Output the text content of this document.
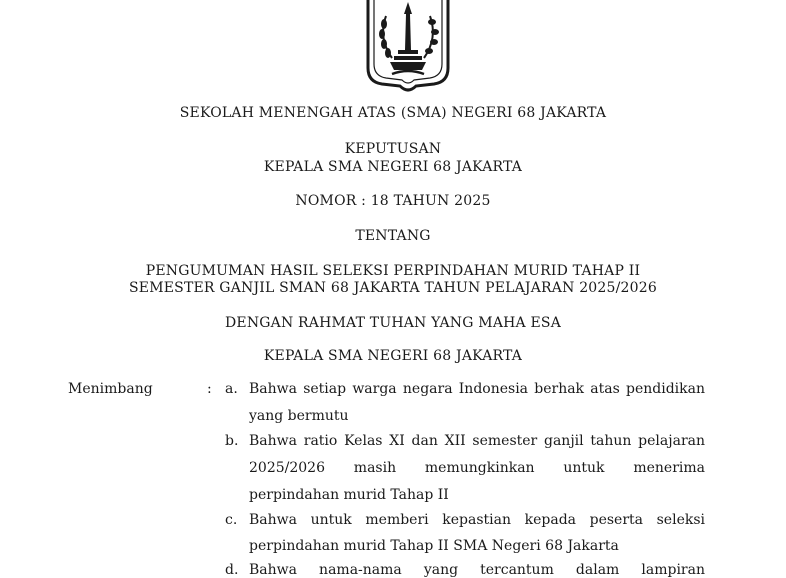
SEKOLAH MENENGAH ATAS (SMA) NEGERI 68 JAKARTA
KEPUTUSAN
KEPALA SMA NEGERI 68 JAKARTA
NOMOR : 18 TAHUN 2025
TENTANG
PENGUMUMAN HASIL SELEKSI PERPINDAHAN MURID TAHAP II
SEMESTER GANJIL SMAN 68 JAKARTA TAHUN PELAJARAN 2025/2026
DENGAN RAHMAT TUHAN YANG MAHA ESA
KEPALA SMA NEGERI 68 JAKARTA
Menimbang	: a. Bahwa setiap warga negara Indonesia berhak atas pendidikan
yang bermutu
b. Bahwa ratio Kelas XI dan XII semester ganjil tahun pelajaran
2025/2026 masih memungkinkan untuk menerima
perpindahan murid Tahap II
c. Bahwa untuk memberi kepastian kepada peserta seleksi
perpindahan murid Tahap II SMA Negeri 68 Jakarta
d. Bahwa nama-nama yang tercantum dalam lampiran
